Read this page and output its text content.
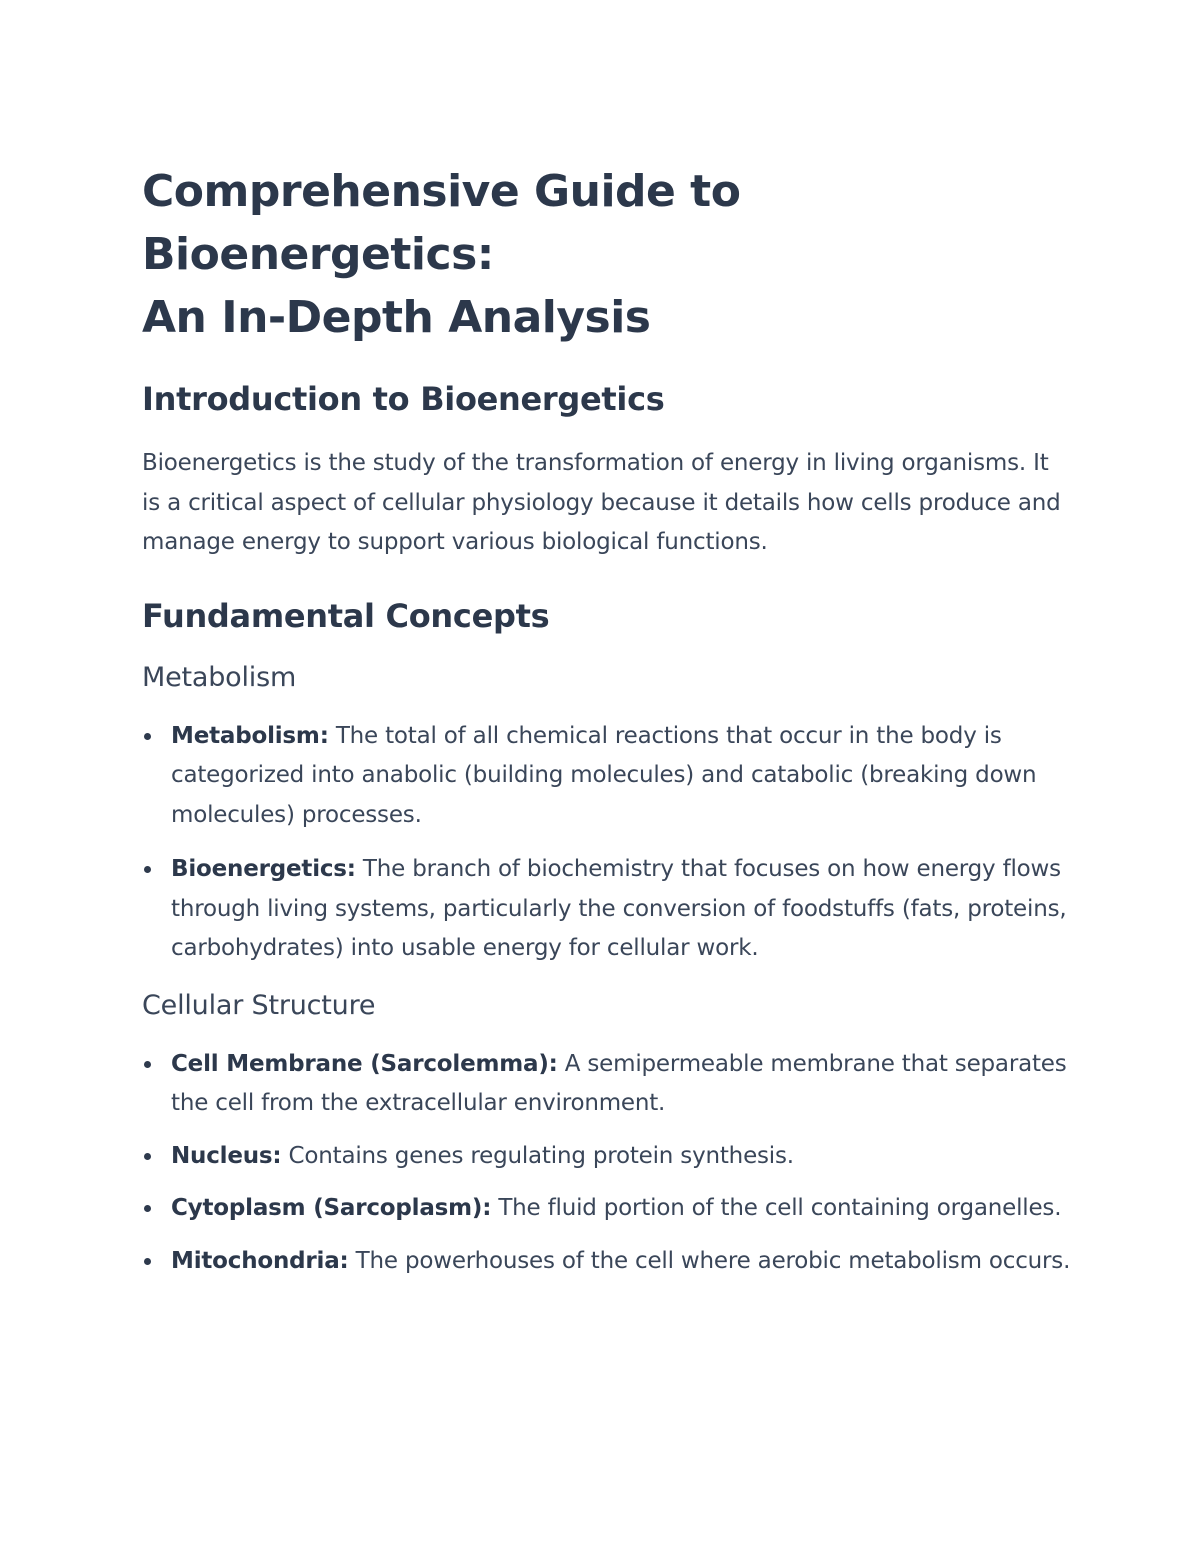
Comprehensive Guide to Bioenergetics:
An In-Depth Analysis
Introduction to Bioenergetics

Bioenergetics is the study of the transformation of energy in living organisms. It is a critical aspect of cellular physiology because it details how cells produce and manage energy to support various biological functions.

Fundamental Concepts
Metabolism
Metabolism: The total of all chemical reactions that occur in the body is categorized into anabolic (building molecules) and catabolic (breaking down molecules) processes.
Bioenergetics: The branch of biochemistry that focuses on how energy flows through living systems, particularly the conversion of foodstuffs (fats, proteins, carbohydrates) into usable energy for cellular work.
Cellular Structure
Cell Membrane (Sarcolemma): A semipermeable membrane that separates the cell from the extracellular environment.
Nucleus: Contains genes regulating protein synthesis.
Cytoplasm (Sarcoplasm): The fluid portion of the cell containing organelles.
Mitochondria: The powerhouses of the cell where aerobic metabolism occurs.
